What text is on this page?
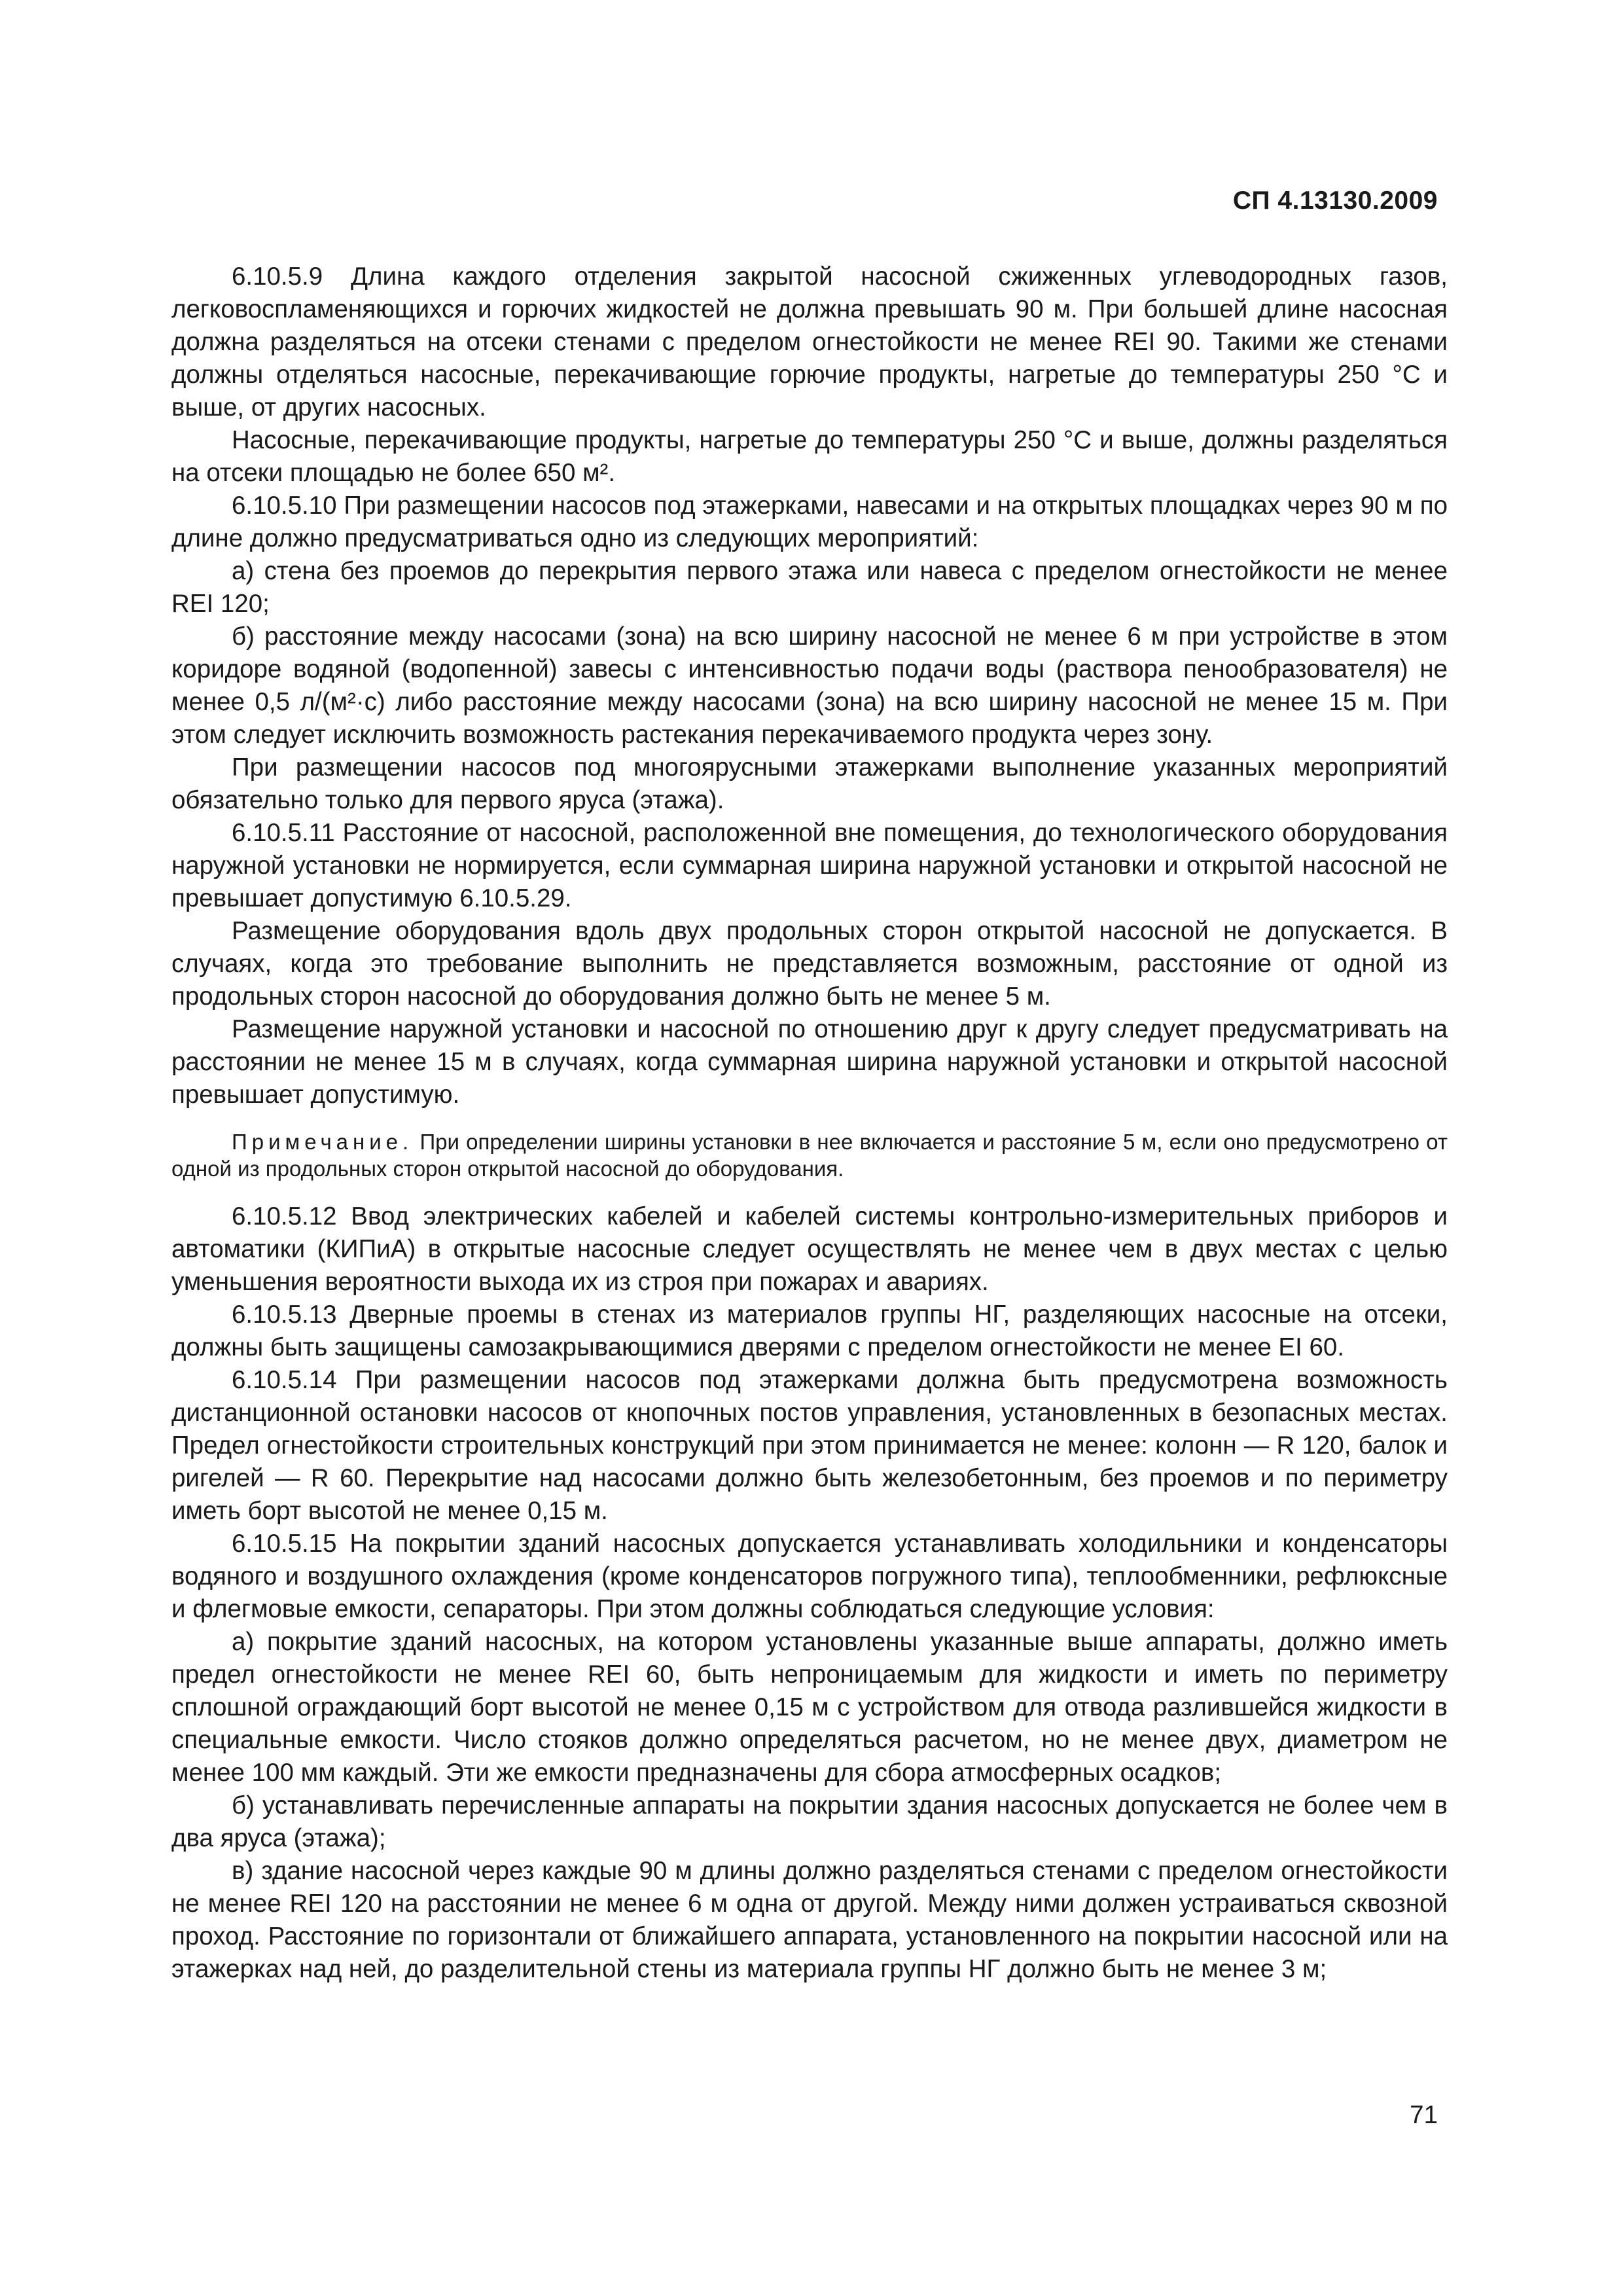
СП 4.13130.2009

6.10.5.9 Длина каждого отделения закрытой насосной сжиженных углеводородных газов, легковоспламеняющихся и горючих жидкостей не должна превышать 90 м. При большей длине насосная должна разделяться на отсеки стенами с пределом огнестойкости не менее REI 90. Такими же стенами должны отделяться насосные, перекачивающие горючие продукты, нагретые до температуры 250 °С и выше, от других насосных.

Насосные, перекачивающие продукты, нагретые до температуры 250 °С и выше, должны разделяться на отсеки площадью не более 650 м².

6.10.5.10 При размещении насосов под этажерками, навесами и на открытых площадках через 90 м по длине должно предусматриваться одно из следующих мероприятий:

а) стена без проемов до перекрытия первого этажа или навеса с пределом огнестойкости не менее REI 120;

б) расстояние между насосами (зона) на всю ширину насосной не менее 6 м при устройстве в этом коридоре водяной (водопенной) завесы с интенсивностью подачи воды (раствора пенообразователя) не менее 0,5 л/(м²·с) либо расстояние между насосами (зона) на всю ширину насосной не менее 15 м. При этом следует исключить возможность растекания перекачиваемого продукта через зону.

При размещении насосов под многоярусными этажерками выполнение указанных мероприятий обязательно только для первого яруса (этажа).

6.10.5.11 Расстояние от насосной, расположенной вне помещения, до технологического оборудования наружной установки не нормируется, если суммарная ширина наружной установки и открытой насосной не превышает допустимую 6.10.5.29.

Размещение оборудования вдоль двух продольных сторон открытой насосной не допускается. В случаях, когда это требование выполнить не представляется возможным, расстояние от одной из продольных сторон насосной до оборудования должно быть не менее 5 м.

Размещение наружной установки и насосной по отношению друг к другу следует предусматривать на расстоянии не менее 15 м в случаях, когда суммарная ширина наружной установки и открытой насосной превышает допустимую.

Примечание. При определении ширины установки в нее включается и расстояние 5 м, если оно предусмотрено от одной из продольных сторон открытой насосной до оборудования.

6.10.5.12 Ввод электрических кабелей и кабелей системы контрольно-измерительных приборов и автоматики (КИПиА) в открытые насосные следует осуществлять не менее чем в двух местах с целью уменьшения вероятности выхода их из строя при пожарах и авариях.

6.10.5.13 Дверные проемы в стенах из материалов группы НГ, разделяющих насосные на отсеки, должны быть защищены самозакрывающимися дверями с пределом огнестойкости не менее EI 60.

6.10.5.14 При размещении насосов под этажерками должна быть предусмотрена возможность дистанционной остановки насосов от кнопочных постов управления, установленных в безопасных местах. Предел огнестойкости строительных конструкций при этом принимается не менее: колонн — R 120, балок и ригелей — R 60. Перекрытие над насосами должно быть железобетонным, без проемов и по периметру иметь борт высотой не менее 0,15 м.

6.10.5.15 На покрытии зданий насосных допускается устанавливать холодильники и конденсаторы водяного и воздушного охлаждения (кроме конденсаторов погружного типа), теплообменники, рефлюксные и флегмовые емкости, сепараторы. При этом должны соблюдаться следующие условия:

а) покрытие зданий насосных, на котором установлены указанные выше аппараты, должно иметь предел огнестойкости не менее REI 60, быть непроницаемым для жидкости и иметь по периметру сплошной ограждающий борт высотой не менее 0,15 м с устройством для отвода разлившейся жидкости в специальные емкости. Число стояков должно определяться расчетом, но не менее двух, диаметром не менее 100 мм каждый. Эти же емкости предназначены для сбора атмосферных осадков;

б) устанавливать перечисленные аппараты на покрытии здания насосных допускается не более чем в два яруса (этажа);

в) здание насосной через каждые 90 м длины должно разделяться стенами с пределом огнестойкости не менее REI 120 на расстоянии не менее 6 м одна от другой. Между ними должен устраиваться сквозной проход. Расстояние по горизонтали от ближайшего аппарата, установленного на покрытии насосной или на этажерках над ней, до разделительной стены из материала группы НГ должно быть не менее 3 м;

71
